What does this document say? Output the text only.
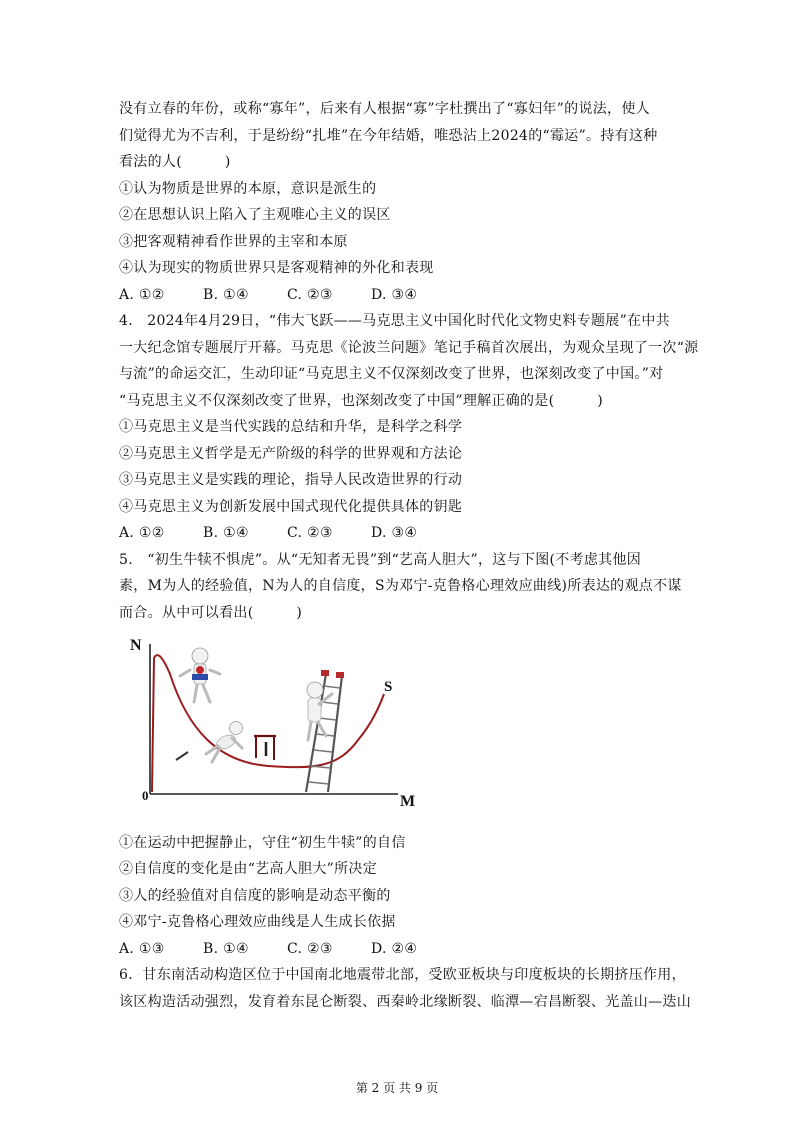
没有立春的年份，或称“寡年”，后来有人根据“寡”字杜撰出了“寡妇年”的说法，使人
们觉得尤为不吉利，于是纷纷“扎堆”在今年结婚，唯恐沾上2024的“霉运”。持有这种
看法的人(　　　)
①认为物质是世界的本原，意识是派生的
②在思想认识上陷入了主观唯心主义的误区
③把客观精神看作世界的主宰和本原
④认为现实的物质世界只是客观精神的外化和表现
A. ①②	B. ①④	C. ②③	D. ③④
4.　2024年4月29日，“伟大飞跃——马克思主义中国化时代化文物史料专题展”在中共
一大纪念馆专题展厅开幕。马克思《论波兰问题》笔记手稿首次展出，为观众呈现了一次“源
与流”的命运交汇，生动印证“马克思主义不仅深刻改变了世界，也深刻改变了中国。”对
“马克思主义不仅深刻改变了世界，也深刻改变了中国”理解正确的是(　　　)
①马克思主义是当代实践的总结和升华，是科学之科学
②马克思主义哲学是无产阶级的科学的世界观和方法论
③马克思主义是实践的理论，指导人民改造世界的行动
④马克思主义为创新发展中国式现代化提供具体的钥匙
A. ①②	B. ①④	C. ②③	D. ③④
5.　“初生牛犊不惧虎”。从“无知者无畏”到“艺高人胆大”，这与下图(不考虑其他因
素，M为人的经验值，N为人的自信度，S为邓宁-克鲁格心理效应曲线)所表达的观点不谋
而合。从中可以看出(　　　)
N
M
0
S
①在运动中把握静止，守住“初生牛犊”的自信
②自信度的变化是由“艺高人胆大”所决定
③人的经验值对自信度的影响是动态平衡的
④邓宁-克鲁格心理效应曲线是人生成长依据
A. ①③	B. ①④	C. ②③	D. ②④
6．甘东南活动构造区位于中国南北地震带北部，受欧亚板块与印度板块的长期挤压作用，
该区构造活动强烈，发育着东昆仑断裂、西秦岭北缘断裂、临潭—宕昌断裂、光盖山—迭山
第 2 页 共 9 页
